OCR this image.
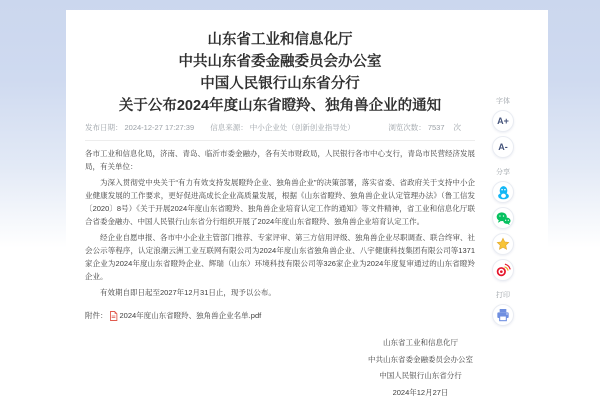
山东省工业和信息化厅
中共山东省委金融委员会办公室
中国人民银行山东省分行
关于公布2024年度山东省瞪羚、独角兽企业的通知
发布日期： 2024-12-27 17:27:39 信息来源： 中小企业处（创新创业指导处）	浏览次数： 7537 次

各市工业和信息化局，济南、青岛、临沂市委金融办，各有关市财政局，人民银行各市中心支行，青岛市民营经济发展局，有关单位：

为深入贯彻党中央关于“有力有效支持发展瞪羚企业、独角兽企业”的决策部署，落实省委、省政府关于支持中小企业健康发展的工作要求，更好促进高成长企业高质量发展，根据《山东省瞪羚、独角兽企业认定管理办法》（鲁工信发〔2020〕8号）《关于开展2024年度山东省瞪羚、独角兽企业培育认定工作的通知》等文件精神，省工业和信息化厅联合省委金融办、中国人民银行山东省分行组织开展了2024年度山东省瞪羚、独角兽企业培育认定工作。

经企业自愿申报、各市中小企业主管部门推荐、专家评审、第三方信用评级、独角兽企业尽职调查、联合终审、社会公示等程序，认定浪潮云洲工业互联网有限公司为2024年度山东省独角兽企业、八宇健康科技集团有限公司等1371家企业为2024年度山东省瞪羚企业、辉瑞（山东）环境科技有限公司等326家企业为2024年度复审通过的山东省瞪羚企业。

有效期自即日起至2027年12月31日止，现予以公布。

附件： 2024年度山东省瞪羚、独角兽企业名单.pdf
山东省工业和信息化厅
中共山东省委金融委员会办公室
中国人民银行山东省分行
2024年12月27日
字体
A+
A-
分享
打印
